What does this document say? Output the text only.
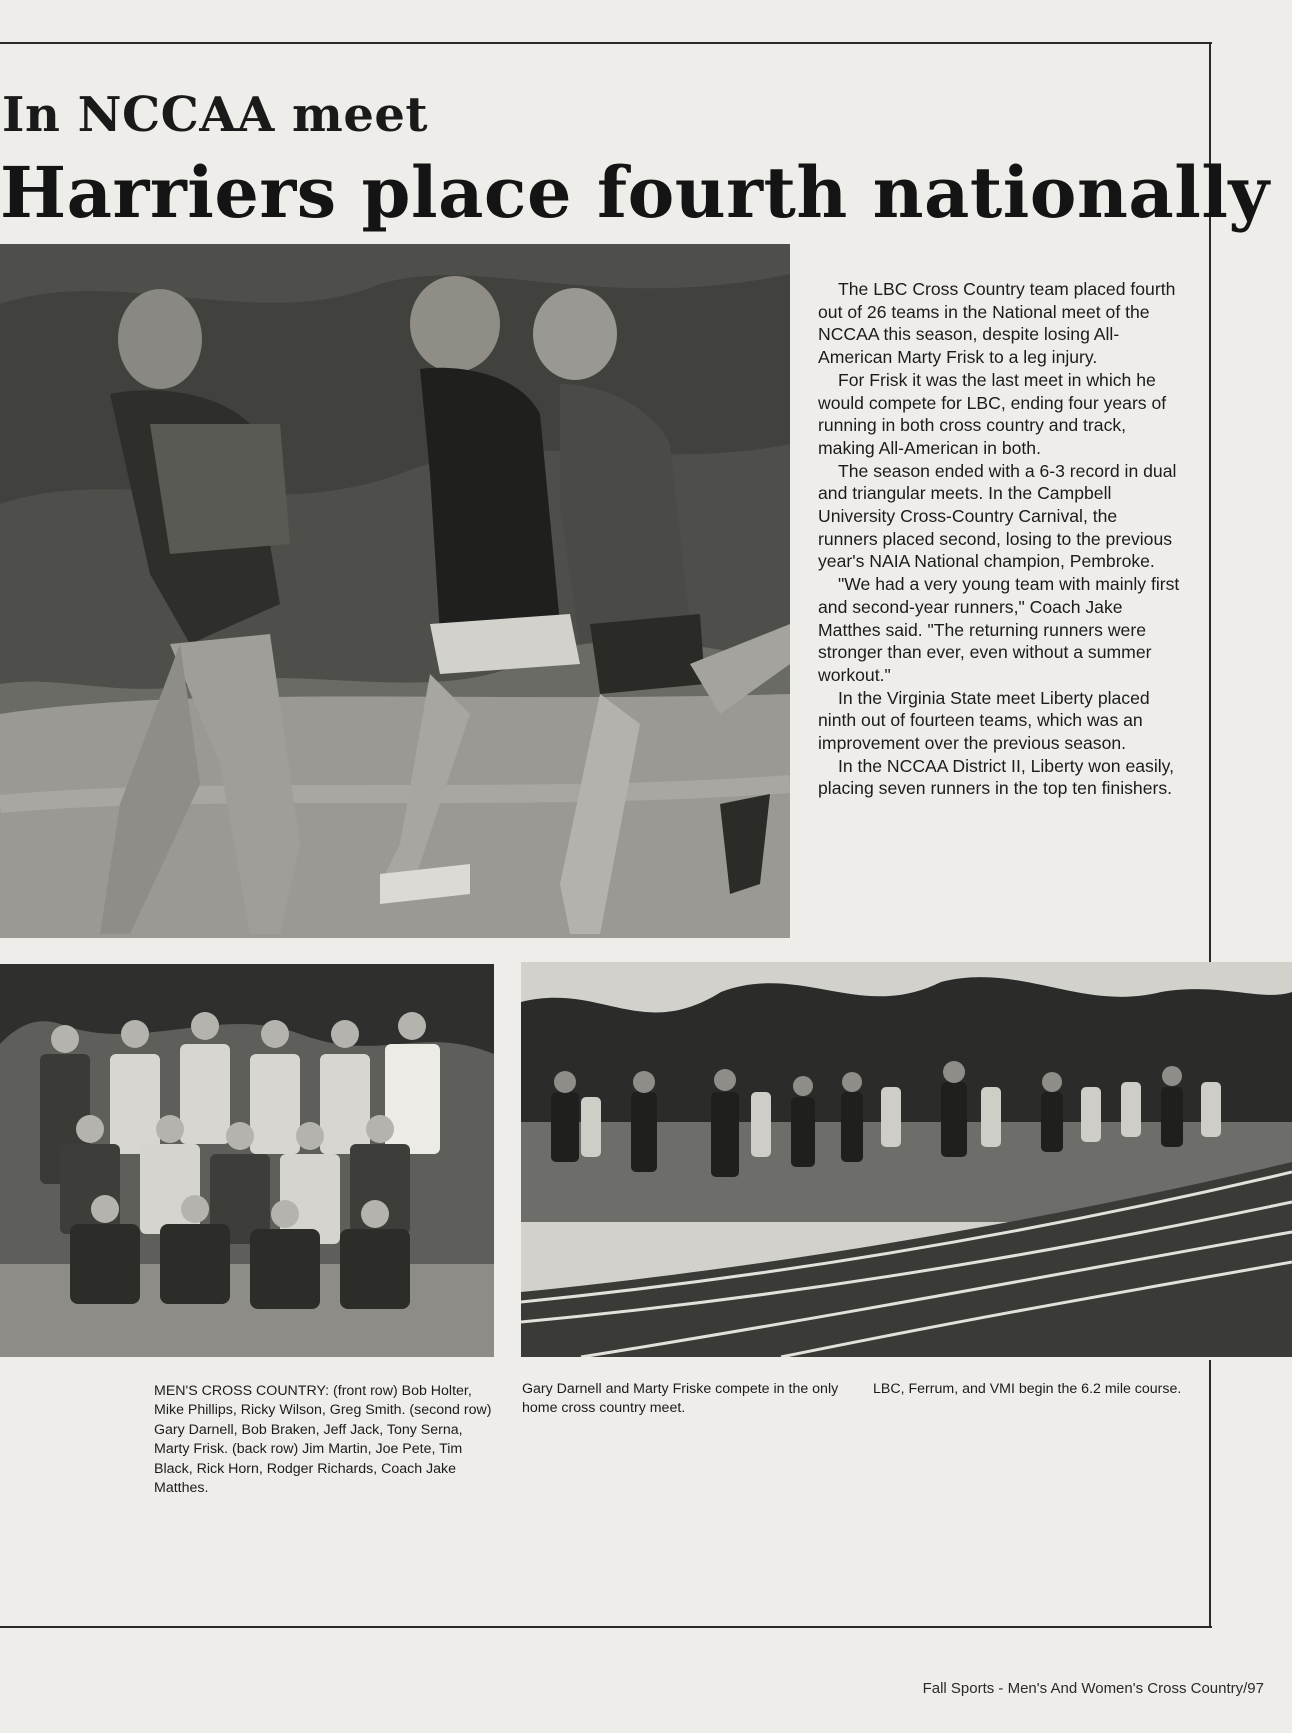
In NCCAA meet
Harriers place fourth nationally

The LBC Cross Country team placed fourth out of 26 teams in the National meet of the NCCAA this season, despite losing All-American Marty Frisk to a leg injury.

For Frisk it was the last meet in which he would compete for LBC, ending four years of running in both cross country and track, making All-American in both.

The season ended with a 6-3 record in dual and triangular meets. In the Campbell University Cross-Country Carnival, the runners placed second, losing to the previous year's NAIA National champion, Pembroke.

"We had a very young team with mainly first and second-year runners," Coach Jake Matthes said. "The returning runners were stronger than ever, even without a summer workout."

In the Virginia State meet Liberty placed ninth out of fourteen teams, which was an improvement over the previous season.

In the NCCAA District II, Liberty won easily, placing seven runners in the top ten finishers.

MEN'S CROSS COUNTRY: (front row) Bob Holter, Mike Phillips, Ricky Wilson, Greg Smith. (second row) Gary Darnell, Bob Braken, Jeff Jack, Tony Serna, Marty Frisk. (back row) Jim Martin, Joe Pete, Tim Black, Rick Horn, Rodger Richards, Coach Jake Matthes.

Gary Darnell and Marty Friske compete in the only home cross country meet.

LBC, Ferrum, and VMI begin the 6.2 mile course.

Fall Sports - Men's And Women's Cross Country/97
